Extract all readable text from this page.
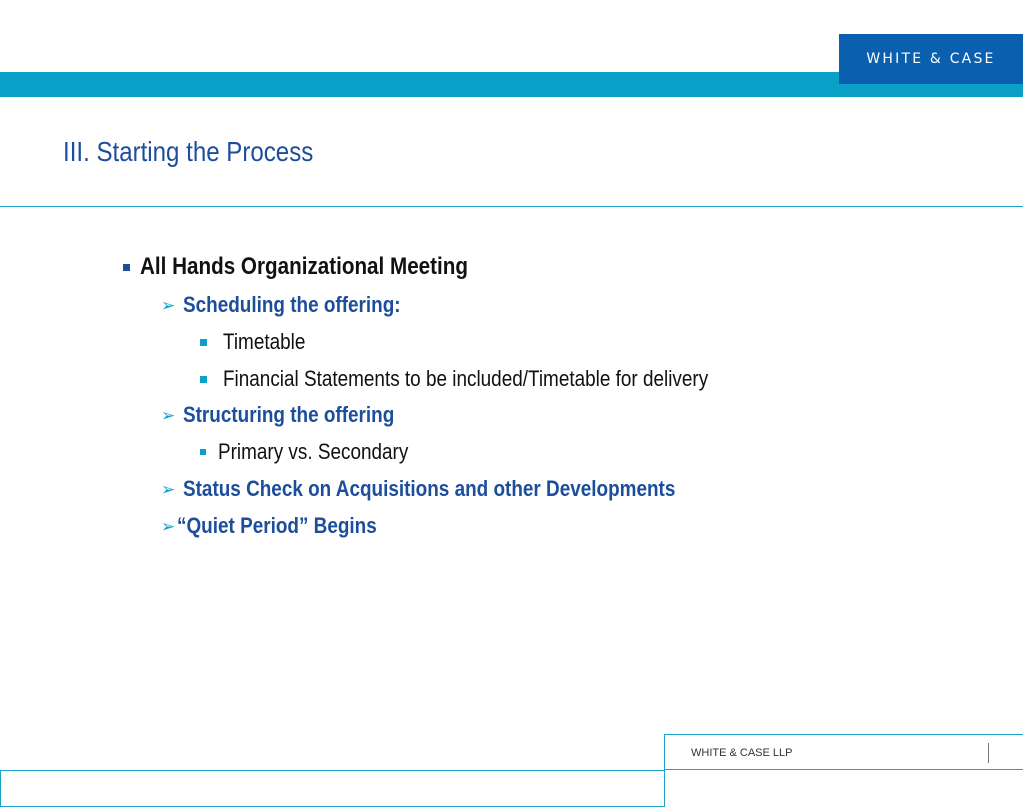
WHITE & CASE
III. Starting the Process
All Hands Organizational Meeting
➢ Scheduling the offering:
Timetable
Financial Statements to be included/Timetable for delivery
➢ Structuring the offering
Primary vs. Secondary
➢ Status Check on Acquisitions and other Developments
➢ “Quiet Period” Begins
WHITE & CASE LLP
